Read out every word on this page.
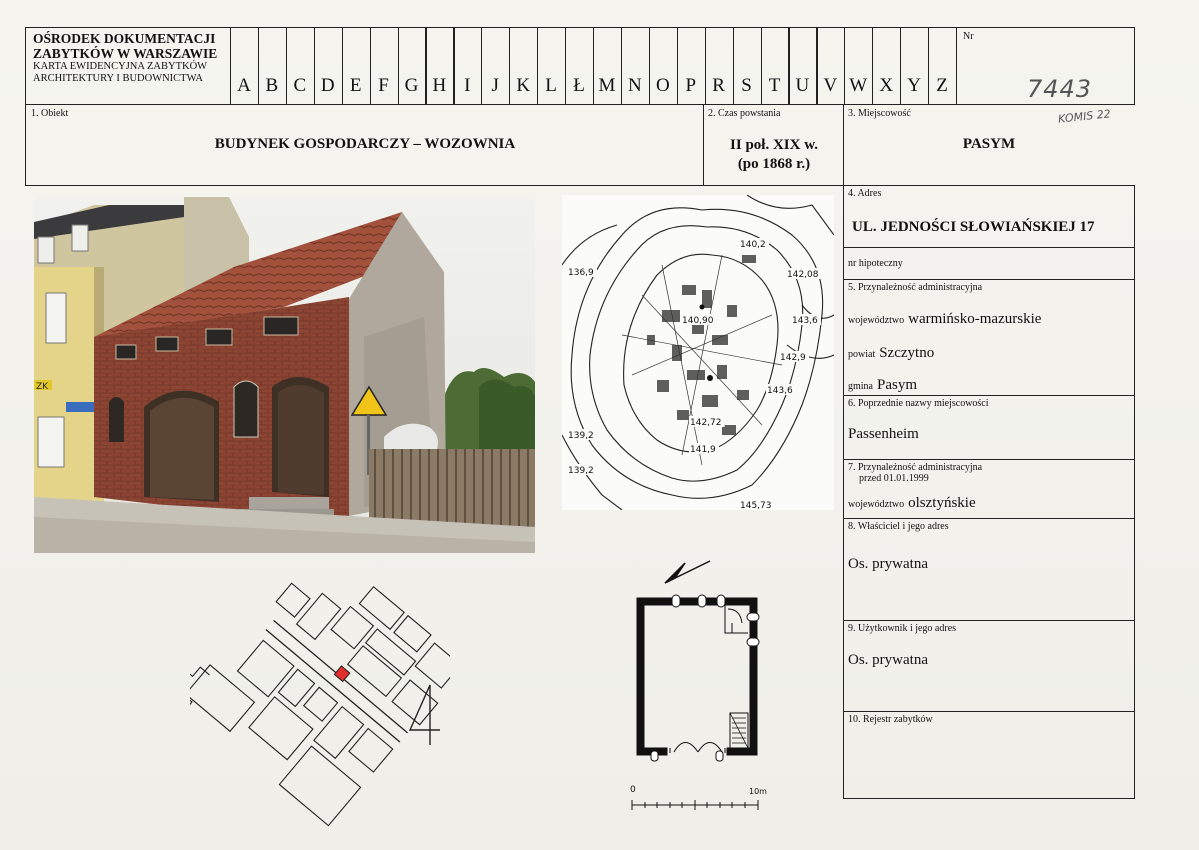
OŚRODEK DOKUMENTACJI
ZABYTKÓW W WARSZAWIE
KARTA EWIDENCYJNA ZABYTKÓW
ARCHITEKTURY I BUDOWNICTWA	A B C D E F G H I	J K L Ł M N O P R S T U V W X Y Z
Nr
7443
KOMIS 22
1. Obiekt
BUDYNEK GOSPODARCZY – WOZOWNIA
2. Czas powstania
II poł. XIX w.
(po 1868 r.)
3. Miejscowość
PASYM
4. Adres
UL. JEDNOŚCI SŁOWIAŃSKIEJ 17
nr hipoteczny
5. Przynależność administracyjna
województwo warmińsko-mazurskie
powiat Szczytno
gmina Pasym
6. Poprzednie nazwy miejscowości
Passenheim
7. Przynależność administracyjna
przed 01.01.1999
województwo olsztyńskie
8. Właściciel i jego adres
Os. prywatna
9. Użytkownik i jego adres
Os. prywatna
10. Rejestr zabytków
ZK
136,9
139,2
139,2
140,2
142,08
140,90	143,6
142,9
143,6
142,72
141,9
145,73
0	10m
